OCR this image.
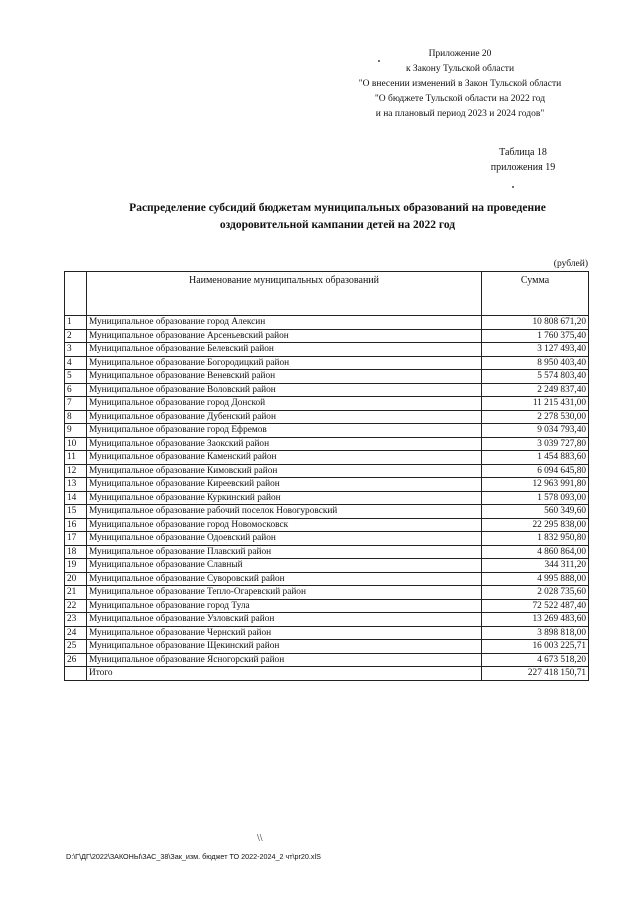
Приложение 20
к Закону Тульской области
"О внесении изменений в Закон Тульской области
"О бюджете Тульской области на 2022 год
и на плановый период 2023 и 2024 годов"
Таблица 18
приложения 19
Распределение субсидий бюджетам муниципальных образований на проведение
оздоровительной кампании детей на 2022 год
(рублей)
	Наименование муниципальных образований	Сумма
1	Муниципальное образование город Алексин	10 808 671,20
2	Муниципальное образование Арсеньевский район	1 760 375,40
3	Муниципальное образование Белевский район	3 127 493,40
4	Муниципальное образование Богородицкий район	8 950 403,40
5	Муниципальное образование Веневский район	5 574 803,40
6	Муниципальное образование Воловский район	2 249 837,40
7	Муниципальное образование город Донской	11 215 431,00
8	Муниципальное образование Дубенский район	2 278 530,00
9	Муниципальное образование город Ефремов	9 034 793,40
10	Муниципальное образование Заокский район	3 039 727,80
11	Муниципальное образование Каменский район	1 454 883,60
12	Муниципальное образование Кимовский район	6 094 645,80
13	Муниципальное образование Киреевский район	12 963 991,80
14	Муниципальное образование Куркинский район	1 578 093,00
15	Муниципальное образование рабочий поселок Новогуровский	560 349,60
16	Муниципальное образование город Новомосковск	22 295 838,00
17	Муниципальное образование Одоевский район	1 832 950,80
18	Муниципальное образование Плавский район	4 860 864,00
19	Муниципальное образование Славный	344 311,20
20	Муниципальное образование Суворовский район	4 995 888,00
21	Муниципальное образование Тепло-Огаревский район	2 028 735,60
22	Муниципальное образование город Тула	72 522 487,40
23	Муниципальное образование Узловский район	13 269 483,60
24	Муниципальное образование Чернский район	3 898 818,00
25	Муниципальное образование Щекинский район	16 003 225,71
26	Муниципальное образование Ясногорский район	4 673 518,20
	Итого	227 418 150,71
\\
D:\Г\ДГ\2022\ЗАКОНЫ\ЗАС_38\Зак_изм. бюджет ТО 2022-2024_2 чт\pr20.xlS
